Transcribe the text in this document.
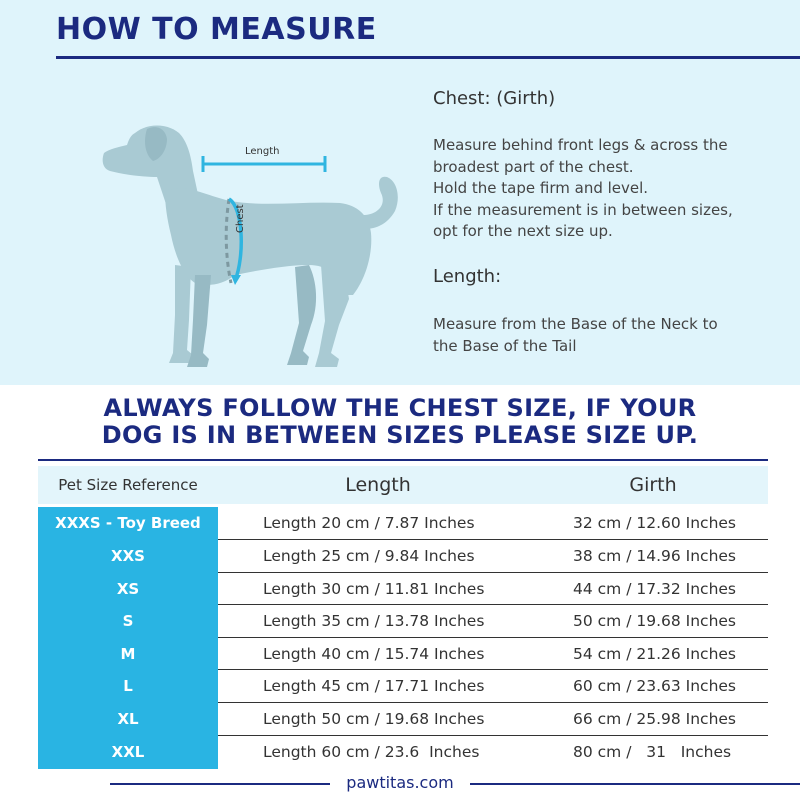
HOW TO MEASURE
Length
Chest
Chest: (Girth)
Measure behind front legs & across the
broadest part of the chest.
Hold the tape firm and level.
If the measurement is in between sizes,
opt for the next size up.
Length:
Measure from the Base of the Neck to
the Base of the Tail
ALWAYS FOLLOW THE CHEST SIZE, IF YOUR
DOG IS IN BETWEEN SIZES PLEASE SIZE UP.
Pet Size Reference	Length	Girth
XXXS - Toy Breed	Length 20 cm / 7.87 Inches	32 cm / 12.60 Inches
XXS	Length 25 cm / 9.84 Inches	38 cm / 14.96 Inches
XS	Length 30 cm / 11.81 Inches	44 cm / 17.32 Inches
S	Length 35 cm / 13.78 Inches	50 cm / 19.68 Inches
M	Length 40 cm / 15.74 Inches	54 cm / 21.26 Inches
L	Length 45 cm / 17.71 Inches	60 cm / 23.63 Inches
XL	Length 50 cm / 19.68 Inches	66 cm / 25.98 Inches
XXL	Length 60 cm / 23.6  Inches	80 cm /   31   Inches
pawtitas.com
